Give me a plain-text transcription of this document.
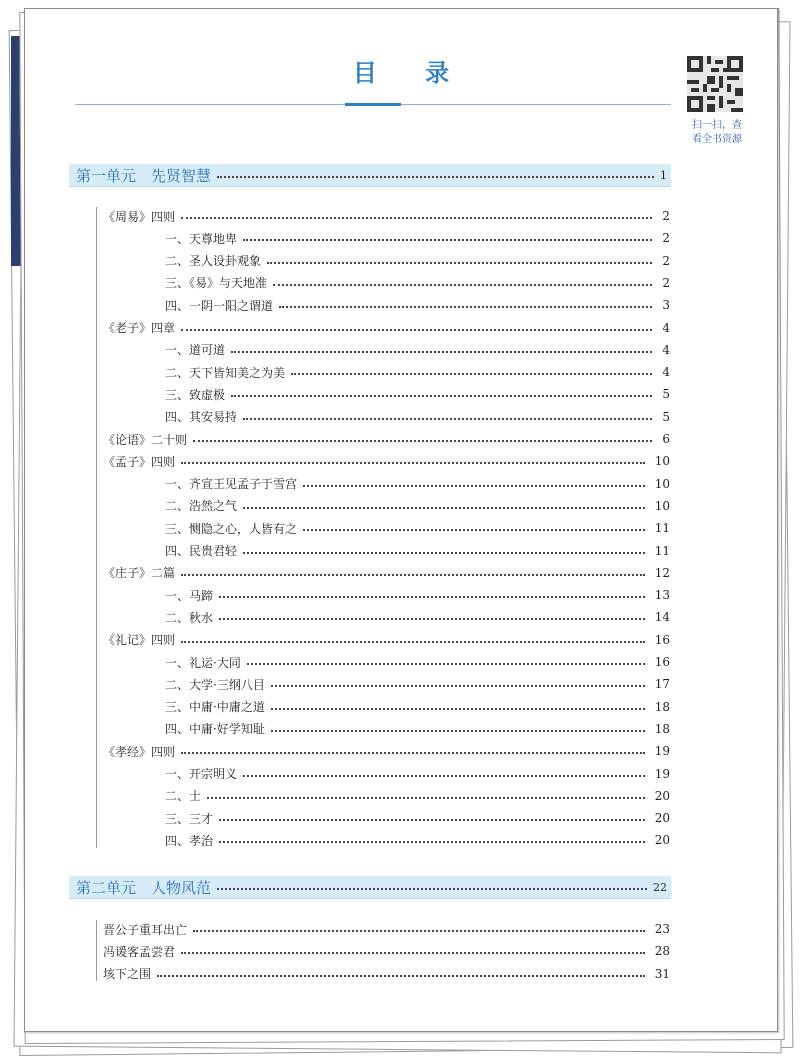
目 录
扫一扫，查
看全书资源
第一单元　先贤智慧	1
《周易》四则	2
一、天尊地卑	2
二、圣人设卦观象	2
三、《易》与天地准	2
四、一阴一阳之谓道	3
《老子》四章	4
一、道可道	4
二、天下皆知美之为美	4
三、致虚极	5
四、其安易持	5
《论语》二十则	6
《孟子》四则	10
一、齐宣王见孟子于雪宫	10
二、浩然之气	10
三、恻隐之心，人皆有之	11
四、民贵君轻	11
《庄子》二篇	12
一、马蹄	13
二、秋水	14
《礼记》四则	16
一、礼运·大同	16
二、大学·三纲八目	17
三、中庸·中庸之道	18
四、中庸·好学知耻	18
《孝经》四则	19
一、开宗明义	19
二、士	20
三、三才	20
四、孝治	20
第二单元　人物风范	22
晋公子重耳出亡	23
冯谖客孟尝君	28
垓下之围	31
